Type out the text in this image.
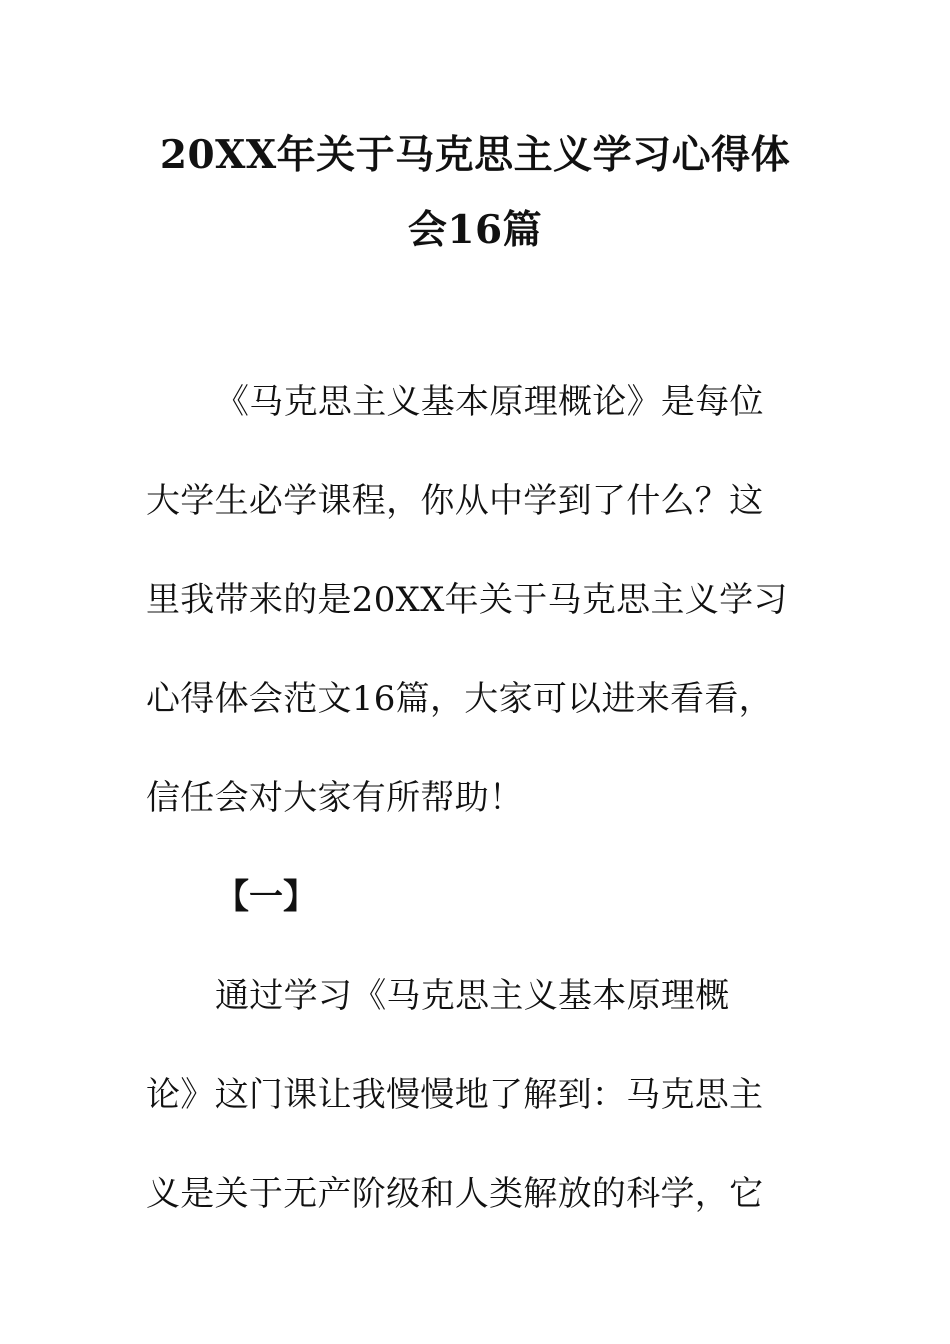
20XX年关于马克思主义学习心得体
会16篇
《马克思主义基本原理概论》是每位
大学生必学课程，你从中学到了什么？这
里我带来的是20XX年关于马克思主义学习
心得体会范文16篇，大家可以进来看看，
信任会对大家有所帮助！
【一】
通过学习《马克思主义基本原理概
论》这门课让我慢慢地了解到：马克思主
义是关于无产阶级和人类解放的科学，它
